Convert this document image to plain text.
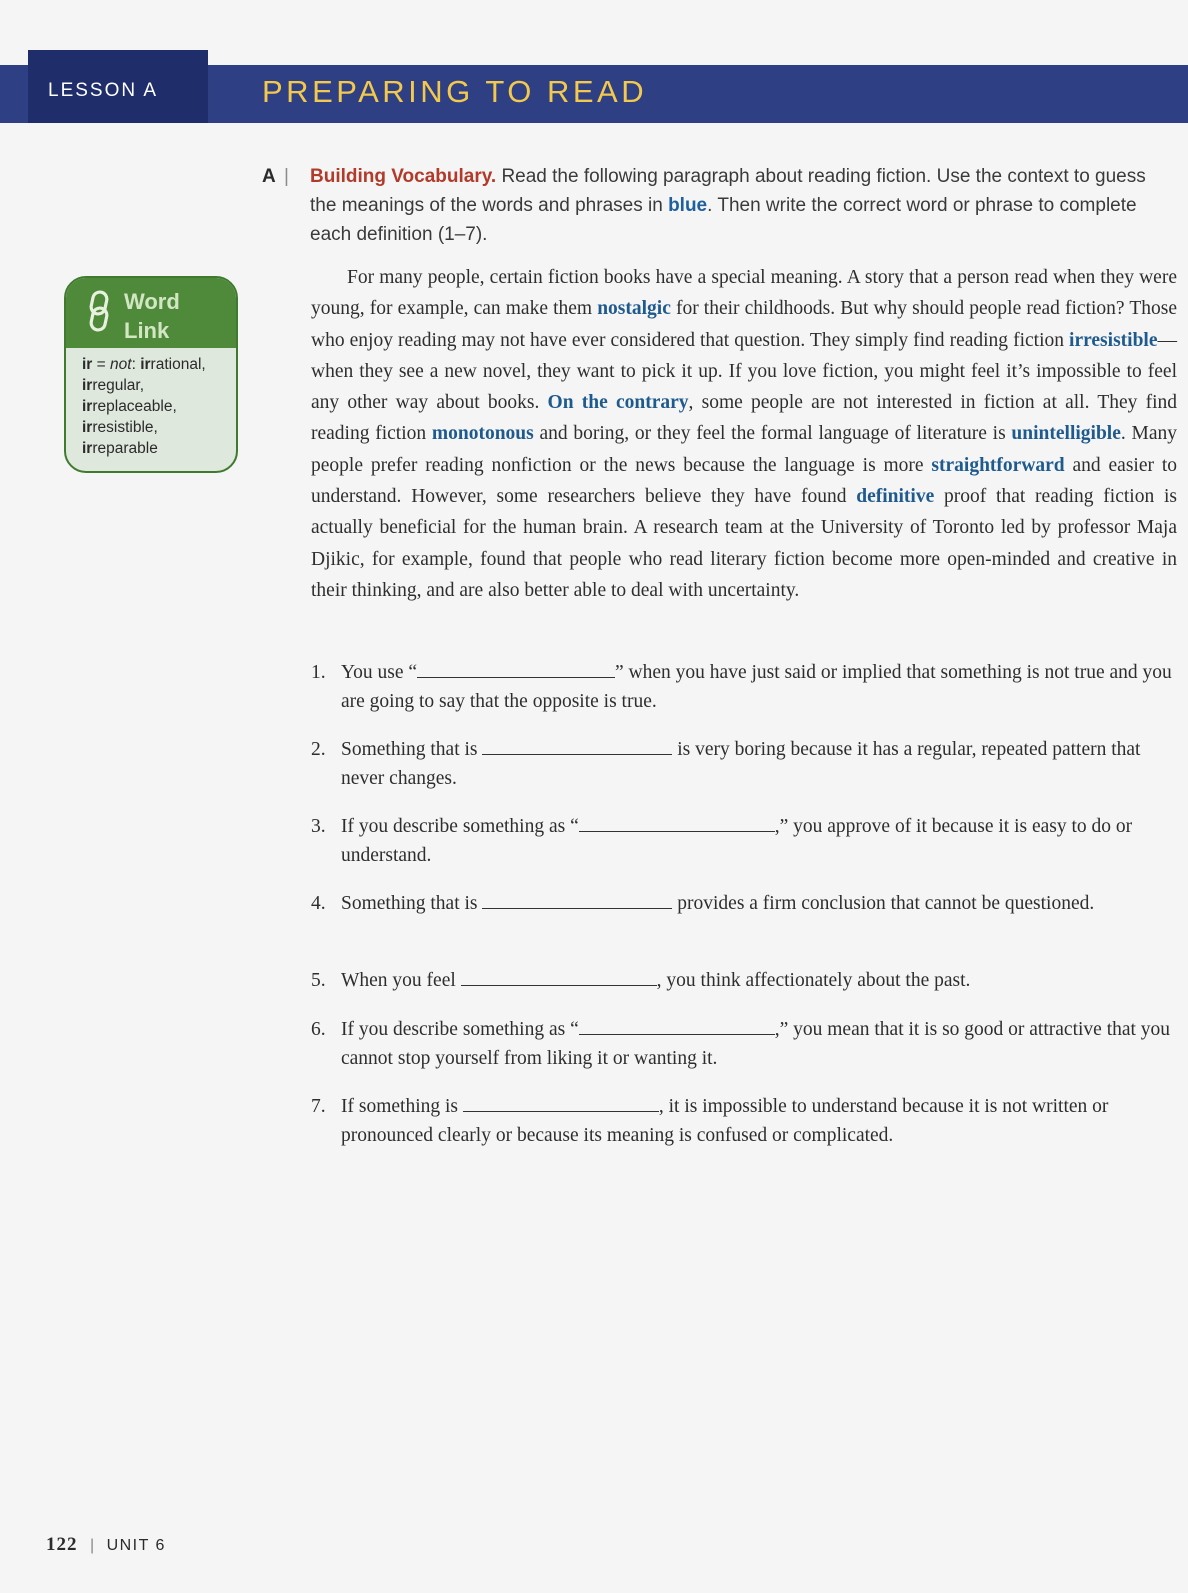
LESSON A	PREPARING TO READ
A | Building Vocabulary. Read the following paragraph about reading fiction. Use the context to guess the meanings of the words and phrases in blue. Then write the correct word or phrase to complete each definition (1–7).
Word
Link
ir = not: irrational,
irregular,
irreplaceable,
irresistible,
irreparable
For many people, certain fiction books have a special meaning. A story that a person read when they were young, for example, can make them nostalgic for their childhoods. But why should people read fiction? Those who enjoy reading may not have ever considered that question. They simply find reading fiction irresistible—when they see a new novel, they want to pick it up. If you love fiction, you might feel it’s impossible to feel any other way about books. On the contrary, some people are not interested in fiction at all. They find reading fiction monotonous and boring, or they feel the formal language of literature is unintelligible. Many people prefer reading nonfiction or the news because the language is more straightforward and easier to understand. However, some researchers believe they have found definitive proof that reading fiction is actually beneficial for the human brain. A research team at the University of Toronto led by professor Maja Djikic, for example, found that people who read literary fiction become more open-minded and creative in their thinking, and are also better able to deal with uncertainty.
1. You use “	” when you have just said or implied that something is not true and you are going to say that the opposite is true.
2. Something that is	is very boring because it has a regular, repeated pattern that never changes.
3. If you describe something as “	,” you approve of it because it is easy to do or understand.
4. Something that is	provides a firm conclusion that cannot be questioned.
5. When you feel	, you think affectionately about the past.
6. If you describe something as “	,” you mean that it is so good or attractive that you cannot stop yourself from liking it or wanting it.
7. If something is	, it is impossible to understand because it is not written or pronounced clearly or because its meaning is confused or complicated.
122 | UNIT 6
